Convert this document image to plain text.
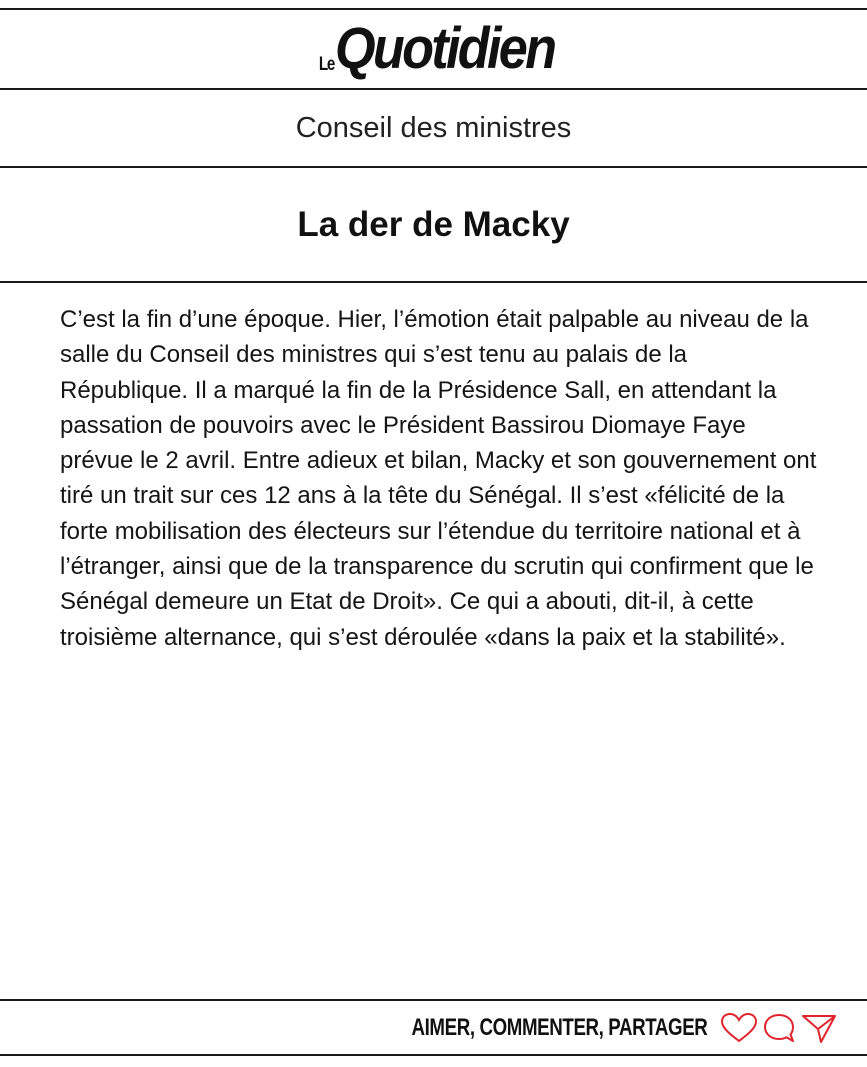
Le Quotidien
Conseil des ministres
La der de Macky

C’est la fin d’une époque. Hier, l’émotion était palpable au niveau de la salle du Conseil des ministres qui s’est tenu au palais de la République. Il a marqué la fin de la Présidence Sall, en attendant la passation de pouvoirs avec le Président Bassirou Diomaye Faye prévue le 2 avril. Entre adieux et bilan, Macky et son gouvernement ont tiré un trait sur ces 12 ans à la tête du Sénégal. Il s’est «félicité de la forte mobilisation des électeurs sur l’étendue du territoire national et à l’étranger, ainsi que de la transparence du scrutin qui confirment que le Sénégal demeure un Etat de Droit». Ce qui a abouti, dit-il, à cette troisième alternance, qui s’est déroulée «dans la paix et la stabilité».

AIMER, COMMENTER, PARTAGER
